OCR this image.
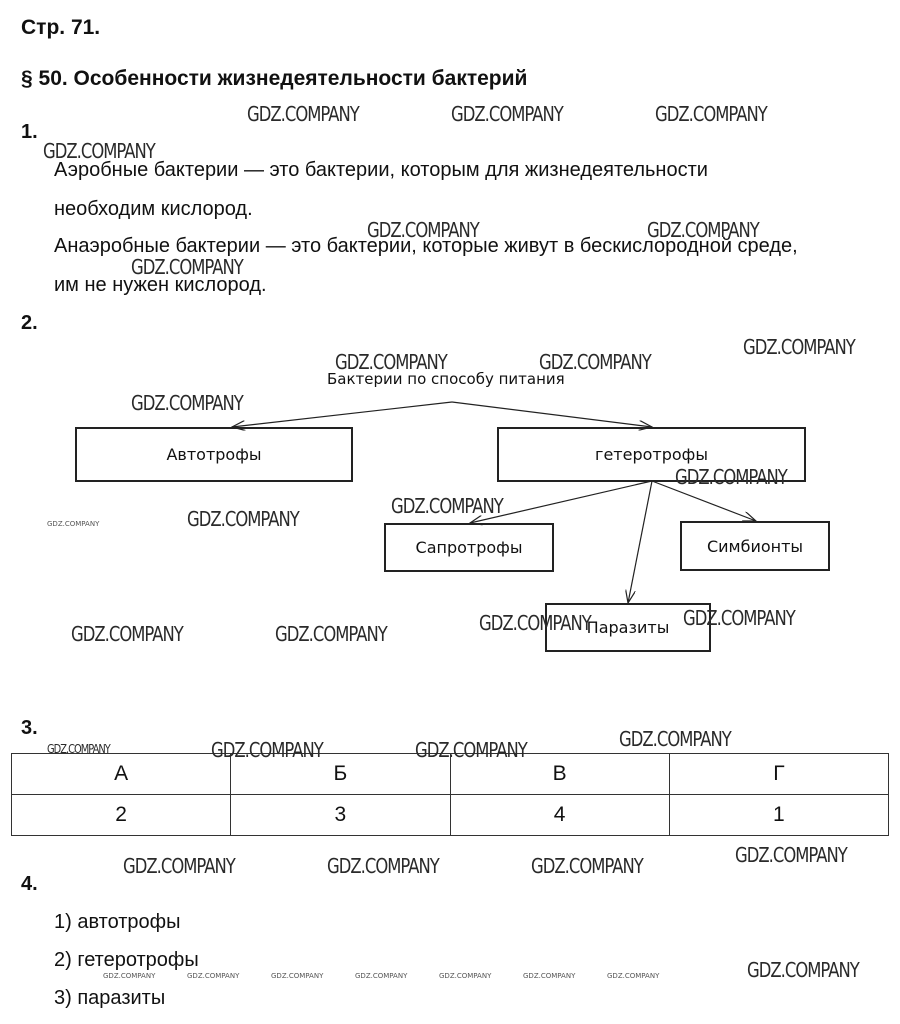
Стр. 71.
§ 50. Особенности жизнедеятельности бактерий
1.
Аэробные бактерии — это бактерии, которым для жизнедеятельности
необходим кислород.
Анаэробные бактерии — это бактерии, которые живут в бескислородной среде,
им не нужен кислород.
2.
Бактерии по способу питания
Автотрофы	гетеротрофы
Сапротрофы	Симбионты
Паразиты
3.
А	Б	В	Г
2	3	4	1
4.
1) автотрофы
2) гетеротрофы
3) паразиты
GDZ.COMPANY	GDZ.COMPANY	GDZ.COMPANY
GDZ.COMPANY
GDZ.COMPANY	GDZ.COMPANY
GDZ.COMPANY
GDZ.COMPANY
GDZ.COMPANY	GDZ.COMPANY
GDZ.COMPANY
GDZ.COMPANY
GDZ.COMPANY
GDZ.COMPANY
GDZ.COMPANY
GDZ.COMPANY
GDZ.COMPANY	GDZ.COMPANY
GDZ.COMPANY
GDZ.COMPANY	GDZ.COMPANY
GDZ.COMPANY
GDZ.COMPANY	GDZ.COMPANY	GDZ.COMPANY
GDZ.COMPANY
GDZ.COMPANY
GDZ.COMPANY
GDZ.COMPANY	GDZ.COMPANY	GDZ.COMPANY	GDZ.COMPANY	GDZ.COMPANY	GDZ.COMPANY	GDZ.COMPANY
